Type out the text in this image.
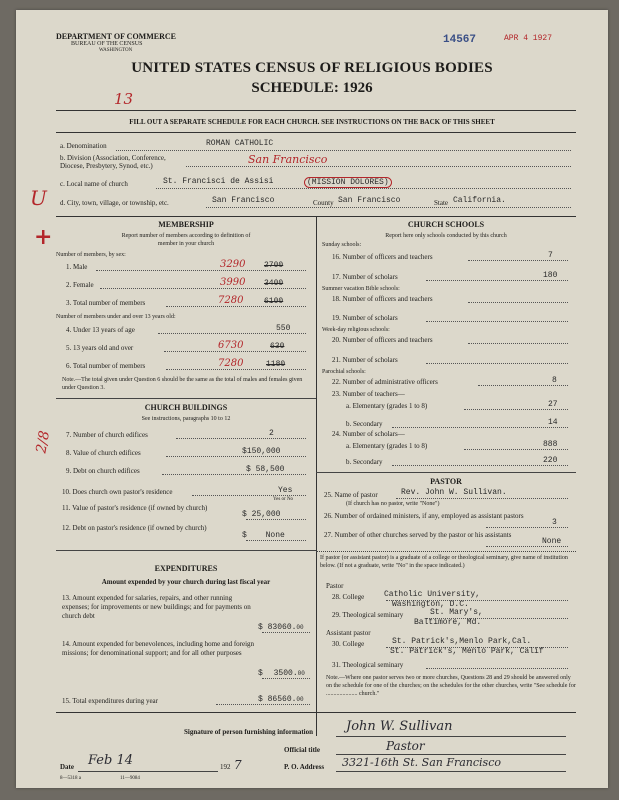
DEPARTMENT OF COMMERCE
BUREAU OF THE CENSUS
WASHINGTON
14567	APR 4 1927
UNITED STATES CENSUS OF RELIGIOUS BODIES
SCHEDULE: 1926
13
FILL OUT A SEPARATE SCHEDULE FOR EACH CHURCH. SEE INSTRUCTIONS ON THE BACK OF THIS SHEET
a. Denomination	ROMAN CATHOLIC
b. Division (Association, Conference, Diocese, Presbytery, Synod, etc.)	San Francisco
c. Local name of church	St. Francisci de Assisi	(MISSION DOLORES)
d. City, town, village, or township, etc.	San Francisco	County San Francisco	State California.
U
+
2/8
MEMBERSHIP
Report number of members according to definition of
member in your church
Number of members, by sex:
1. Male	3290 2700
2. Female	3990 3400
3. Total number of members	7280	6100
Number of members under and over 13 years old:
4. Under 13 years of age	550
5. 13 years old and over	6730	630
6. Total number of members	7280	1180
Note.—The total given under Question 6 should be the same as the total of males and females given under Question 3.
CHURCH BUILDINGS
See instructions, paragraphs 10 to 12
7. Number of church edifices	2
8. Value of church edifices	$150,000
9. Debt on church edifices	$ 58,500
10. Does church own pastor's residence	Yes
Yes or No
11. Value of pastor's residence (if owned by church)
$ 25,000
12. Debt on pastor's residence (if owned by church)
$ None
EXPENDITURES
Amount expended by your church during last fiscal year
13. Amount expended for salaries, repairs, and other running expenses; for improvements or new buildings; and for payments on church debt
$ 83060.00
14. Amount expended for benevolences, including home and foreign missions; for denominational support; and for all other purposes
$ 3500.00
15. Total expenditures during year	$ 86560.00
CHURCH SCHOOLS
Report here only schools conducted by this church
Sunday schools:
16. Number of officers and teachers	7
17. Number of scholars	180
Summer vacation Bible schools:
18. Number of officers and teachers
19. Number of scholars
Week-day religious schools:
20. Number of officers and teachers
21. Number of scholars
Parochial schools:
22. Number of administrative officers	8
23. Number of teachers—
a. Elementary (grades 1 to 8)	27
b. Secondary	14
24. Number of scholars—
a. Elementary (grades 1 to 8)	888
b. Secondary	220
PASTOR
25. Name of pastor	Rev. John W. Sullivan.
(If church has no pastor, write "None")
26. Number of ordained ministers, if any, employed as assistant pastors
3
27. Number of other churches served by the pastor or his assistants
None
If pastor (or assistant pastor) is a graduate of a college or theological seminary, give name of institution below. (If not a graduate, write "No" in the space indicated.)
Pastor
28. College Catholic University,
Washington, D.C.
29. Theological seminary	St. Mary's,
Baltimore, Md.
Assistant pastor
30. College	St. Patrick's,Menlo Park,Cal.
St. Patrick's, Menlo Park, Calif
31. Theological seminary
Note.—Where one pastor serves two or more churches, Questions 28 and 29 should be answered only on the schedule for one of the churches; on the schedules for the other churches, write "See schedule for ..................... church."
Signature of person furnishing information	John W. Sullivan
Official title	Pastor
Date Feb 14	192 7	P. O. Address 3321-16th St. San Francisco
8—5318 a	11—9084
